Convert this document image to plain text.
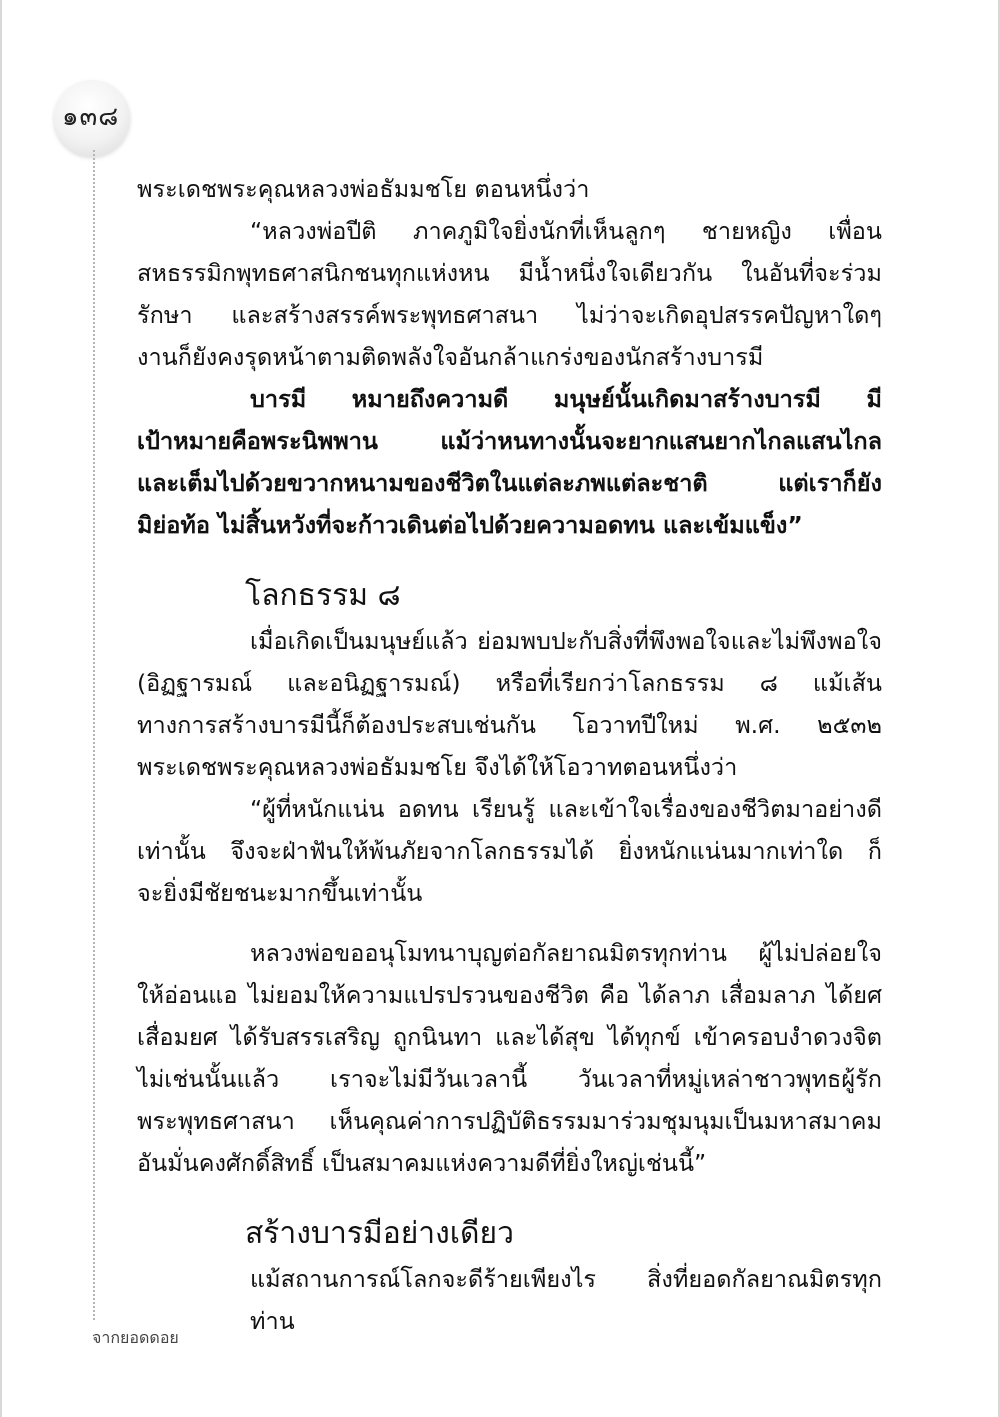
๑๓๘
พระเดชพระคุณหลวงพ่อธัมมชโย ตอนหนึ่งว่า
“หลวงพ่อปีติ ภาคภูมิใจยิ่งนักที่เห็นลูกๆ ชายหญิง เพื่อน
สหธรรมิกพุทธศาสนิกชนทุกแห่งหน มีน้ำหนึ่งใจเดียวกัน ในอันที่จะร่วม
รักษา และสร้างสรรค์พระพุทธศาสนา ไม่ว่าจะเกิดอุปสรรคปัญหาใดๆ
งานก็ยังคงรุดหน้าตามติดพลังใจอันกล้าแกร่งของนักสร้างบารมี
บารมี หมายถึงความดี มนุษย์นั้นเกิดมาสร้างบารมี มี
เป้าหมายคือพระนิพพาน แม้ว่าหนทางนั้นจะยากแสนยากไกลแสนไกล
และเต็มไปด้วยขวากหนามของชีวิตในแต่ละภพแต่ละชาติ แต่เราก็ยัง
มิย่อท้อ ไม่สิ้นหวังที่จะก้าวเดินต่อไปด้วยความอดทน และเข้มแข็ง”
โลกธรรม ๘
เมื่อเกิดเป็นมนุษย์แล้ว ย่อมพบปะกับสิ่งที่พึงพอใจและไม่พึงพอใจ
(อิฏฐารมณ์ และอนิฏฐารมณ์) หรือที่เรียกว่าโลกธรรม ๘ แม้เส้น
ทางการสร้างบารมีนี้ก็ต้องประสบเช่นกัน โอวาทปีใหม่ พ.ศ. ๒๕๓๒
พระเดชพระคุณหลวงพ่อธัมมชโย จึงได้ให้โอวาทตอนหนึ่งว่า
“ผู้ที่หนักแน่น อดทน เรียนรู้ และเข้าใจเรื่องของชีวิตมาอย่างดี
เท่านั้น จึงจะฝ่าฟันให้พ้นภัยจากโลกธรรมได้ ยิ่งหนักแน่นมากเท่าใด ก็
จะยิ่งมีชัยชนะมากขึ้นเท่านั้น
หลวงพ่อขออนุโมทนาบุญต่อกัลยาณมิตรทุกท่าน ผู้ไม่ปล่อยใจ
ให้อ่อนแอ ไม่ยอมให้ความแปรปรวนของชีวิต คือ ได้ลาภ เสื่อมลาภ ได้ยศ
เสื่อมยศ ได้รับสรรเสริญ ถูกนินทา และได้สุข ได้ทุกข์ เข้าครอบงำดวงจิต
ไม่เช่นนั้นแล้ว เราจะไม่มีวันเวลานี้ วันเวลาที่หมู่เหล่าชาวพุทธผู้รัก
พระพุทธศาสนา เห็นคุณค่าการปฏิบัติธรรมมาร่วมชุมนุมเป็นมหาสมาคม
อันมั่นคงศักดิ์สิทธิ์ เป็นสมาคมแห่งความดีที่ยิ่งใหญ่เช่นนี้”
สร้างบารมีอย่างเดียว
แม้สถานการณ์โลกจะดีร้ายเพียงไร สิ่งที่ยอดกัลยาณมิตรทุกท่าน
จากยอดดอย
